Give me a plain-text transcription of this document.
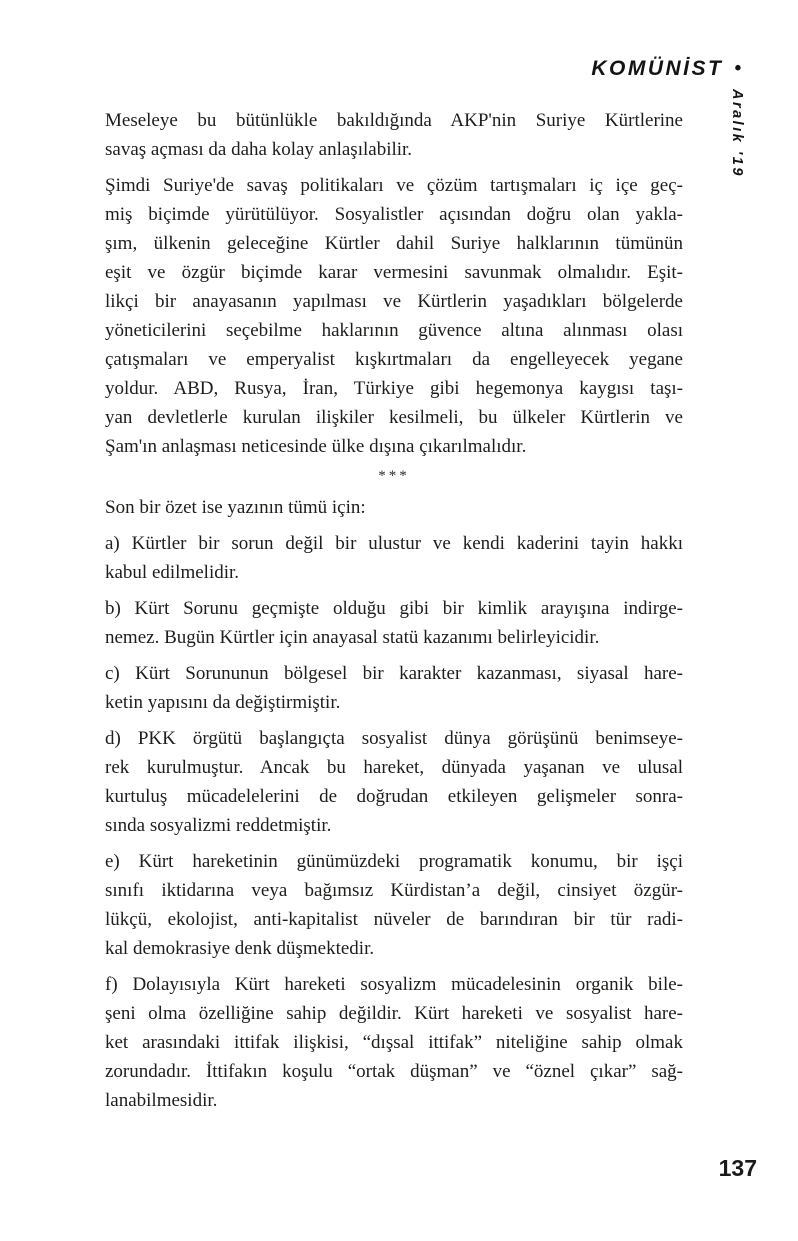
KOMÜNİST •
Aralık '19
Meseleye bu bütünlükle bakıldığında AKP'nin Suriye Kürtlerine
savaş açması da daha kolay anlaşılabilir.
Şimdi Suriye'de savaş politikaları ve çözüm tartışmaları iç içe geç-
miş biçimde yürütülüyor. Sosyalistler açısından doğru olan yakla-
şım, ülkenin geleceğine Kürtler dahil Suriye halklarının tümünün
eşit ve özgür biçimde karar vermesini savunmak olmalıdır. Eşit-
likçi bir anayasanın yapılması ve Kürtlerin yaşadıkları bölgelerde
yöneticilerini seçebilme haklarının güvence altına alınması olası
çatışmaları ve emperyalist kışkırtmaları da engelleyecek yegane
yoldur. ABD, Rusya, İran, Türkiye gibi hegemonya kaygısı taşı-
yan devletlerle kurulan ilişkiler kesilmeli, bu ülkeler Kürtlerin ve
Şam'ın anlaşması neticesinde ülke dışına çıkarılmalıdır.
***
Son bir özet ise yazının tümü için:
a) Kürtler bir sorun değil bir ulustur ve kendi kaderini tayin hakkı
kabul edilmelidir.
b) Kürt Sorunu geçmişte olduğu gibi bir kimlik arayışına indirge-
nemez. Bugün Kürtler için anayasal statü kazanımı belirleyicidir.
c) Kürt Sorununun bölgesel bir karakter kazanması, siyasal hare-
ketin yapısını da değiştirmiştir.
d) PKK örgütü başlangıçta sosyalist dünya görüşünü benimseye-
rek kurulmuştur. Ancak bu hareket, dünyada yaşanan ve ulusal
kurtuluş mücadelelerini de doğrudan etkileyen gelişmeler sonra-
sında sosyalizmi reddetmiştir.
e) Kürt hareketinin günümüzdeki programatik konumu, bir işçi
sınıfı iktidarına veya bağımsız Kürdistan’a değil, cinsiyet özgür-
lükçü, ekolojist, anti-kapitalist nüveler de barındıran bir tür radi-
kal demokrasiye denk düşmektedir.
f) Dolayısıyla Kürt hareketi sosyalizm mücadelesinin organik bile-
şeni olma özelliğine sahip değildir. Kürt hareketi ve sosyalist hare-
ket arasındaki ittifak ilişkisi, “dışsal ittifak” niteliğine sahip olmak
zorundadır. İttifakın koşulu “ortak düşman” ve “öznel çıkar” sağ-
lanabilmesidir.
137
